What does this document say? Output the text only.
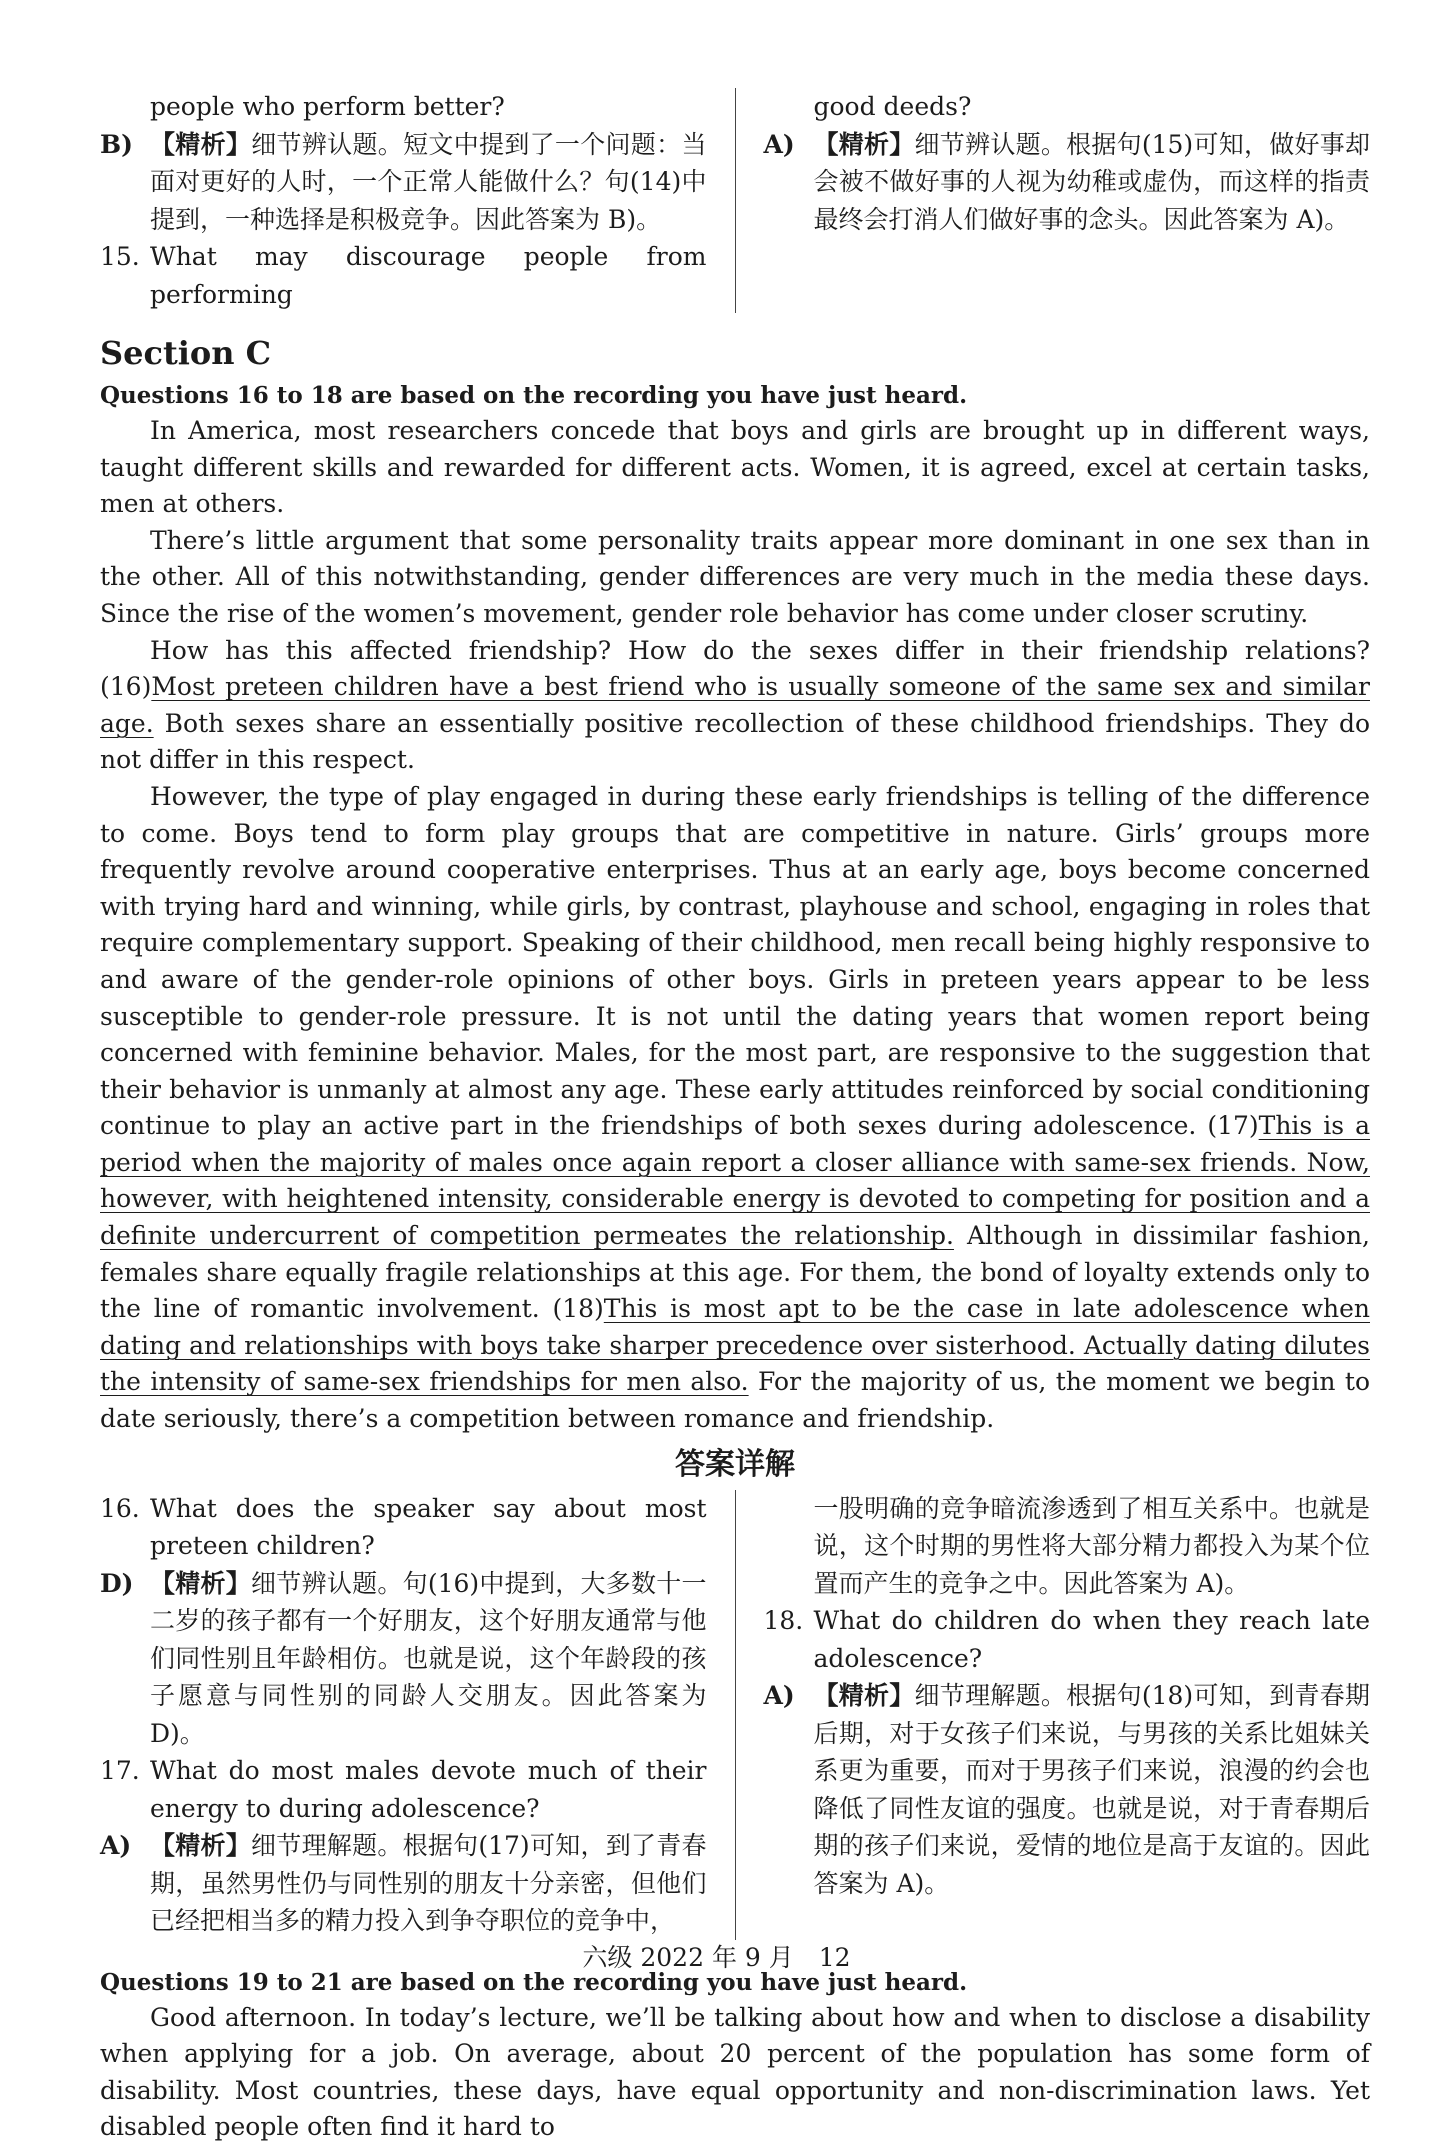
people who perform better?

B) 【精析】细节辨认题。短文中提到了一个问题：当面对更好的人时，一个正常人能做什么？句(14)中提到，一种选择是积极竞争。因此答案为 B)。
15. What may discourage people from performing

good deeds?

A) 【精析】细节辨认题。根据句(15)可知，做好事却会被不做好事的人视为幼稚或虚伪，而这样的指责最终会打消人们做好事的念头。因此答案为 A)。
Section C
Questions 16 to 18 are based on the recording you have just heard.

In America, most researchers concede that boys and girls are brought up in different ways, taught different skills and rewarded for different acts. Women, it is agreed, excel at certain tasks, men at others.

There’s little argument that some personality traits appear more dominant in one sex than in the other. All of this notwithstanding, gender differences are very much in the media these days. Since the rise of the women’s movement, gender role behavior has come under closer scrutiny.

How has this affected friendship? How do the sexes differ in their friendship relations? (16)Most preteen children have a best friend who is usually someone of the same sex and similar age. Both sexes share an essentially positive recollection of these childhood friendships. They do not differ in this respect.

However, the type of play engaged in during these early friendships is telling of the difference to come. Boys tend to form play groups that are competitive in nature. Girls’ groups more frequently revolve around cooperative enterprises. Thus at an early age, boys become concerned with trying hard and winning, while girls, by contrast, playhouse and school, engaging in roles that require complementary support. Speaking of their childhood, men recall being highly responsive to and aware of the gender-role opinions of other boys. Girls in preteen years appear to be less susceptible to gender-role pressure. It is not until the dating years that women report being concerned with feminine behavior. Males, for the most part, are responsive to the suggestion that their behavior is unmanly at almost any age. These early attitudes reinforced by social conditioning continue to play an active part in the friendships of both sexes during adolescence. (17)This is a period when the majority of males once again report a closer alliance with same-sex friends. Now, however, with heightened intensity, considerable energy is devoted to competing for position and a definite undercurrent of competition permeates the relationship. Although in dissimilar fashion, females share equally fragile relationships at this age. For them, the bond of loyalty extends only to the line of romantic involvement. (18)This is most apt to be the case in late adolescence when dating and relationships with boys take sharper precedence over sisterhood. Actually dating dilutes the intensity of same-sex friendships for men also. For the majority of us, the moment we begin to date seriously, there’s a competition between romance and friendship.

答案详解
16. What does the speaker say about most preteen children?
D) 【精析】细节辨认题。句(16)中提到，大多数十一二岁的孩子都有一个好朋友，这个好朋友通常与他们同性别且年龄相仿。也就是说，这个年龄段的孩子愿意与同性别的同龄人交朋友。因此答案为 D)。
17. What do most males devote much of their energy to during adolescence?
A) 【精析】细节理解题。根据句(17)可知，到了青春期，虽然男性仍与同性别的朋友十分亲密，但他们已经把相当多的精力投入到争夺职位的竞争中，

一股明确的竞争暗流渗透到了相互关系中。也就是说，这个时期的男性将大部分精力都投入为某个位置而产生的竞争之中。因此答案为 A)。

18. What do children do when they reach late adolescence?
A) 【精析】细节理解题。根据句(18)可知，到青春期后期，对于女孩子们来说，与男孩的关系比姐妹关系更为重要，而对于男孩子们来说，浪漫的约会也降低了同性友谊的强度。也就是说，对于青春期后期的孩子们来说，爱情的地位是高于友谊的。因此答案为 A)。
Questions 19 to 21 are based on the recording you have just heard.

Good afternoon. In today’s lecture, we’ll be talking about how and when to disclose a disability when applying for a job. On average, about 20 percent of the population has some form of disability. Most countries, these days, have equal opportunity and non-discrimination laws. Yet disabled people often find it hard to

六级 2022 年 9 月　12
